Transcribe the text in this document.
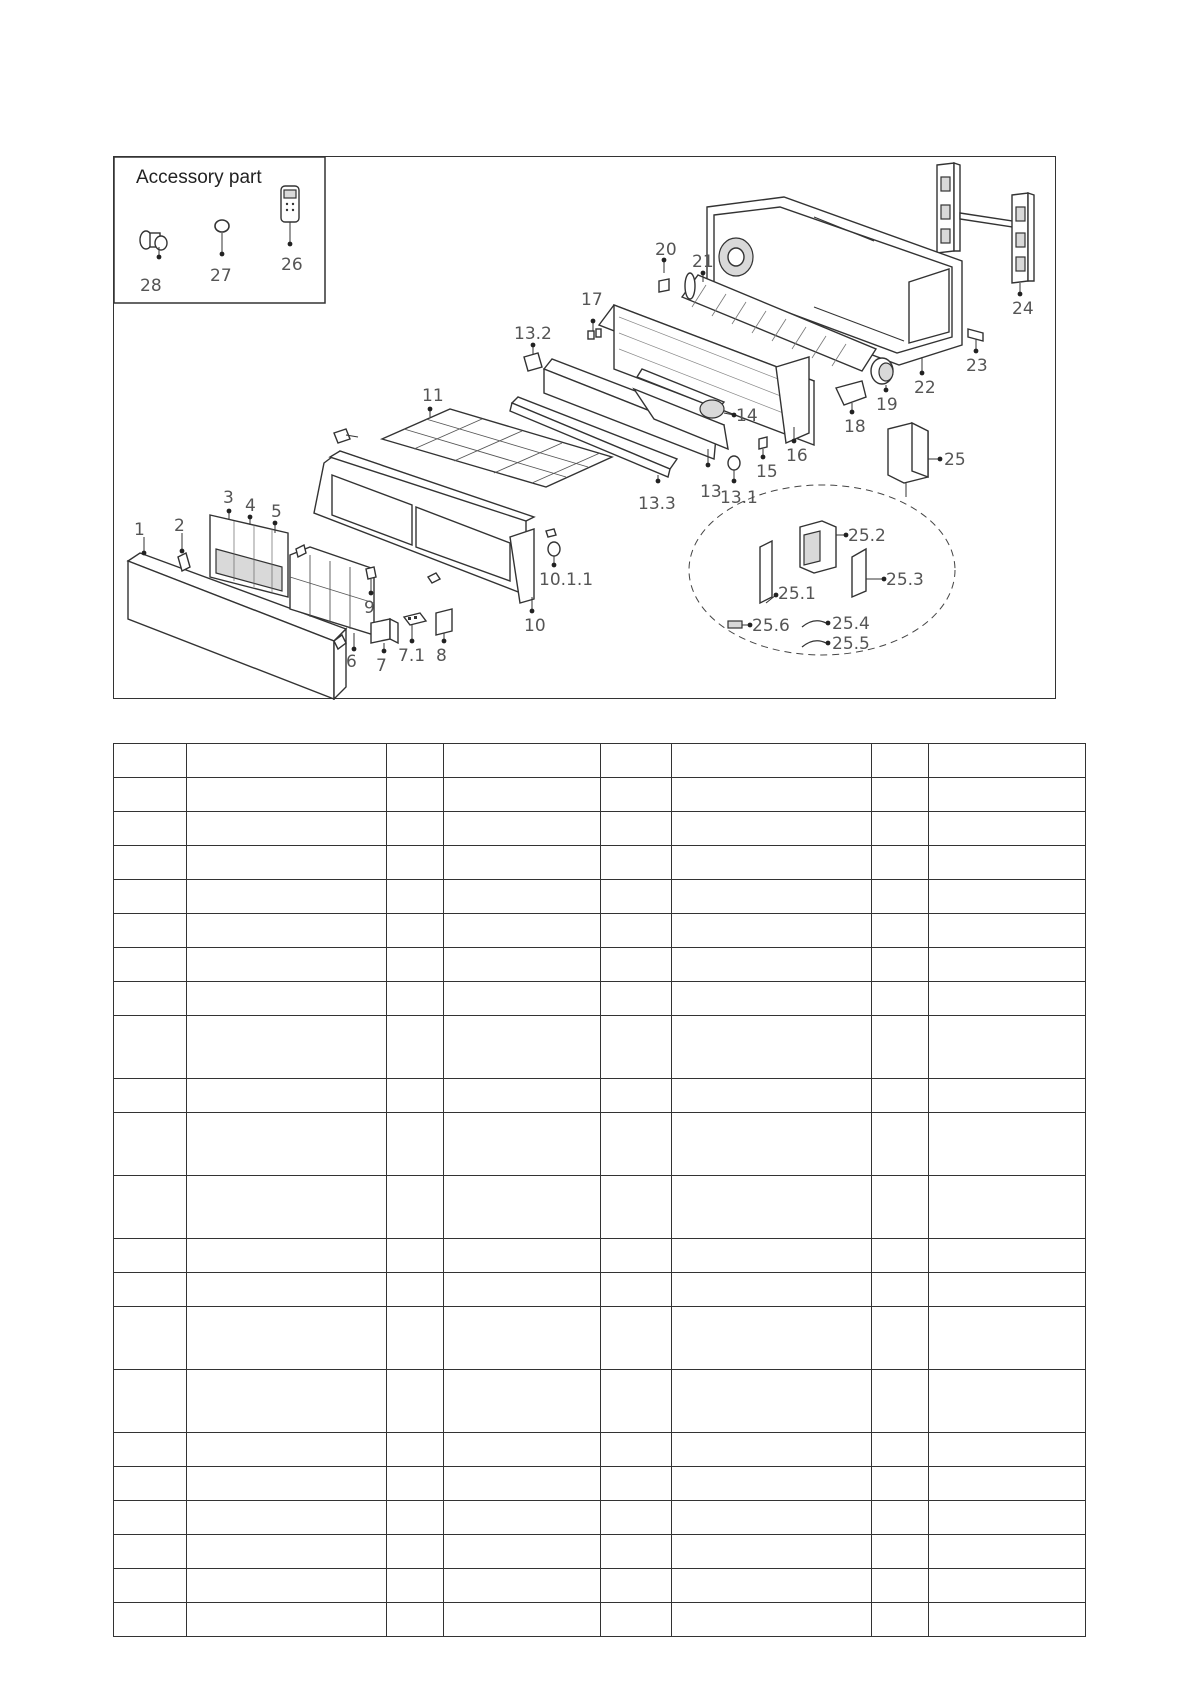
Accessory part
28	27
26
24
22
23
21
20
19
18
17
16
13.2
14
13
13.3
15
13.1
11
10
10.1.1
1 2
3 4 5
6
9
7 7.1 8
25
25.1
25.2
25.3
25.4
25.5
25.6
